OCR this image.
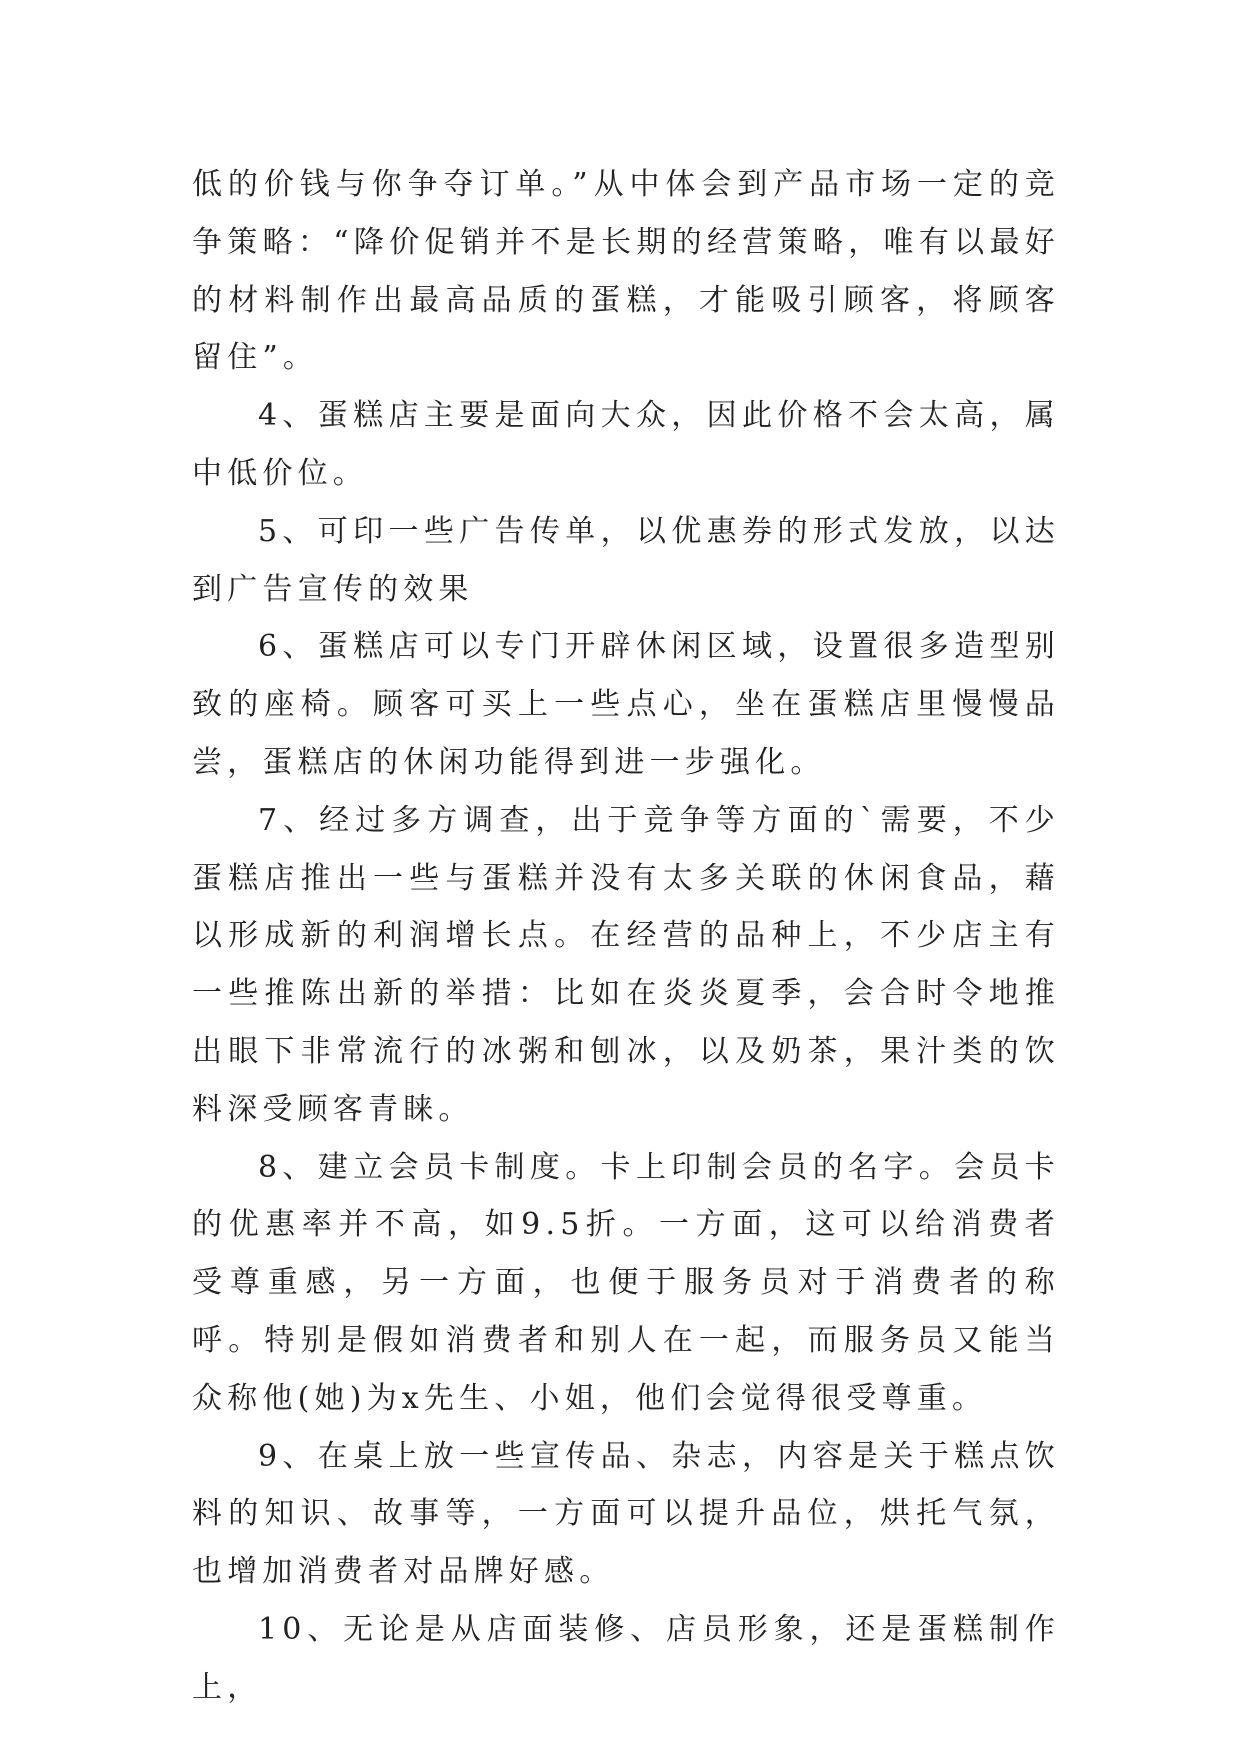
低的价钱与你争夺订单。”从中体会到产品市场一定的竞争策略：“降价促销并不是长期的经营策略，唯有以最好的材料制作出最高品质的蛋糕，才能吸引顾客，将顾客留住”。

4、蛋糕店主要是面向大众，因此价格不会太高，属中低价位。

5、可印一些广告传单，以优惠券的形式发放，以达到广告宣传的效果

6、蛋糕店可以专门开辟休闲区域，设置很多造型别致的座椅。顾客可买上一些点心，坐在蛋糕店里慢慢品尝，蛋糕店的休闲功能得到进一步强化。

7、经过多方调查，出于竞争等方面的`需要，不少蛋糕店推出一些与蛋糕并没有太多关联的休闲食品，藉以形成新的利润增长点。在经营的品种上，不少店主有一些推陈出新的举措：比如在炎炎夏季，会合时令地推出眼下非常流行的冰粥和刨冰，以及奶茶，果汁类的饮料深受顾客青睐。

8、建立会员卡制度。卡上印制会员的名字。会员卡的优惠率并不高，如9.5折。一方面，这可以给消费者受尊重感，另一方面，也便于服务员对于消费者的称呼。特别是假如消费者和别人在一起，而服务员又能当众称他(她)为x先生、小姐，他们会觉得很受尊重。

9、在桌上放一些宣传品、杂志，内容是关于糕点饮料的知识、故事等，一方面可以提升品位，烘托气氛，也增加消费者对品牌好感。

10、无论是从店面装修、店员形象，还是蛋糕制作上，
